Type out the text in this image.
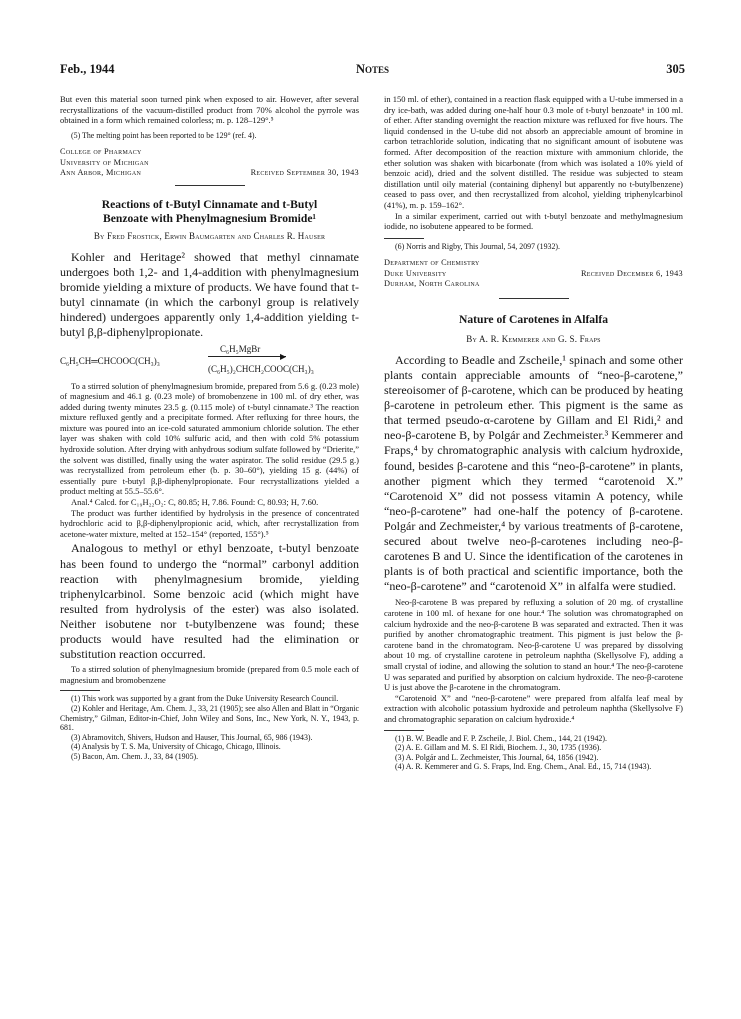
Feb., 1944	Notes	305

But even this material soon turned pink when exposed to air. However, after several recrystallizations of the vacuum-distilled product from 70% alcohol the pyrrole was obtained in a form which remained colorless; m. p. 128–129°.⁵

(5) The melting point has been reported to be 129° (ref. 4).

College of Pharmacy
University of Michigan
Ann Arbor, Michigan	Received September 30, 1943
Reactions of t-Butyl Cinnamate and t-Butyl
Benzoate with Phenylmagnesium Bromide¹
By Fred Frostick, Erwin Baumgarten and Charles R. Hauser

Kohler and Heritage² showed that methyl cinnamate undergoes both 1,2- and 1,4-addition with phenylmagnesium bromide yielding a mixture of products. We have found that t-butyl cinnamate (in which the carbonyl group is relatively hindered) undergoes apparently only 1,4-addition yielding t-butyl β,β-diphenylpropionate.

C₆H₅CH═CHCOOC(CH₃)₃
C₆H₅MgBr
▶
(C₆H₅)₂CHCH₂COOC(CH₃)₃

To a stirred solution of phenylmagnesium bromide, prepared from 5.6 g. (0.23 mole) of magnesium and 46.1 g. (0.23 mole) of bromobenzene in 100 ml. of dry ether, was added during twenty minutes 23.5 g. (0.115 mole) of t-butyl cinnamate.³ The reaction mixture refluxed gently and a precipitate formed. After refluxing for three hours, the mixture was poured into an ice-cold saturated ammonium chloride solution. The ether layer was shaken with cold 10% sulfuric acid, and then with cold 5% potassium hydroxide solution. After drying with anhydrous sodium sulfate followed by “Drierite,” the solvent was distilled, finally using the water aspirator. The solid residue (29.5 g.) was recrystallized from petroleum ether (b. p. 30–60°), yielding 15 g. (44%) of essentially pure t-butyl β,β-diphenylpropionate. Four recrystallizations yielded a product melting at 55.5–55.6°.

Anal.⁴ Calcd. for C₁₉H₂₂O₂: C, 80.85; H, 7.86. Found: C, 80.93; H, 7.60.

The product was further identified by hydrolysis in the presence of concentrated hydrochloric acid to β,β-diphenylpropionic acid, which, after recrystallization from acetone-water mixture, melted at 152–154° (reported, 155°).⁵

Analogous to methyl or ethyl benzoate, t-butyl benzoate has been found to undergo the “normal” carbonyl addition reaction with phenylmagnesium bromide, yielding triphenylcarbinol. Some benzoic acid (which might have resulted from hydrolysis of the ester) was also isolated. Neither isobutene nor t-butylbenzene was found; these products would have resulted had the elimination or substitution reaction occurred.

To a stirred solution of phenylmagnesium bromide (prepared from 0.5 mole each of magnesium and bromobenzene

(1) This work was supported by a grant from the Duke University Research Council.

(2) Kohler and Heritage, Am. Chem. J., 33, 21 (1905); see also Allen and Blatt in “Organic Chemistry,” Gilman, Editor-in-Chief, John Wiley and Sons, Inc., New York, N. Y., 1943, p. 681.

(3) Abramovitch, Shivers, Hudson and Hauser, This Journal, 65, 986 (1943).

(4) Analysis by T. S. Ma, University of Chicago, Chicago, Illinois.

(5) Bacon, Am. Chem. J., 33, 84 (1905).

in 150 ml. of ether), contained in a reaction flask equipped with a U-tube immersed in a dry ice-bath, was added during one-half hour 0.3 mole of t-butyl benzoate⁶ in 100 ml. of ether. After standing overnight the reaction mixture was refluxed for five hours. The liquid condensed in the U-tube did not absorb an appreciable amount of bromine in carbon tetrachloride solution, indicating that no significant amount of isobutene was formed. After decomposition of the reaction mixture with ammonium chloride, the ether solution was shaken with bicarbonate (from which was isolated a 10% yield of benzoic acid), dried and the solvent distilled. The residue was subjected to steam distillation until oily material (containing diphenyl but apparently no t-butylbenzene) ceased to pass over, and then recrystallized from alcohol, yielding triphenylcarbinol (41%), m. p. 159–162°.

In a similar experiment, carried out with t-butyl benzoate and methylmagnesium iodide, no isobutene appeared to be formed.

(6) Norris and Rigby, This Journal, 54, 2097 (1932).

Department of Chemistry
Duke University	Received December 6, 1943
Durham, North Carolina
Nature of Carotenes in Alfalfa
By A. R. Kemmerer and G. S. Fraps

According to Beadle and Zscheile,¹ spinach and some other plants contain appreciable amounts of “neo-β-carotene,” stereoisomer of β-carotene, which can be produced by heating β-carotene in petroleum ether. This pigment is the same as that termed pseudo-α-carotene by Gillam and El Ridi,² and neo-β-carotene B, by Polgár and Zechmeister.³ Kemmerer and Fraps,⁴ by chromatographic analysis with calcium hydroxide, found, besides β-carotene and this “neo-β-carotene” in plants, another pigment which they termed “carotenoid X.” “Carotenoid X” did not possess vitamin A potency, while “neo-β-carotene” had one-half the potency of β-carotene. Polgár and Zechmeister,⁴ by various treatments of β-carotene, secured about twelve neo-β-carotenes including neo-β-carotenes B and U. Since the identification of the carotenes in plants is of both practical and scientific importance, both the “neo-β-carotene” and “carotenoid X” in alfalfa were studied.

Neo-β-carotene B was prepared by refluxing a solution of 20 mg. of crystalline carotene in 100 ml. of hexane for one hour.⁴ The solution was chromatographed on calcium hydroxide and the neo-β-carotene B was separated and extracted. Then it was purified by another chromatographic treatment. This pigment is just below the β-carotene band in the chromatogram. Neo-β-carotene U was prepared by dissolving about 10 mg. of crystalline carotene in petroleum naphtha (Skellysolve F), adding a small crystal of iodine, and allowing the solution to stand an hour.⁴ The neo-β-carotene U was separated and purified by absorption on calcium hydroxide. The neo-β-carotene U is just above the β-carotene in the chromatogram.

“Carotenoid X” and “neo-β-carotene” were prepared from alfalfa leaf meal by extraction with alcoholic potassium hydroxide and petroleum naphtha (Skellysolve F) and chromatographic separation on calcium hydroxide.⁴

(1) B. W. Beadle and F. P. Zscheile, J. Biol. Chem., 144, 21 (1942).

(2) A. E. Gillam and M. S. El Ridi, Biochem. J., 30, 1735 (1936).

(3) A. Polgár and L. Zechmeister, This Journal, 64, 1856 (1942).

(4) A. R. Kemmerer and G. S. Fraps, Ind. Eng. Chem., Anal. Ed., 15, 714 (1943).
